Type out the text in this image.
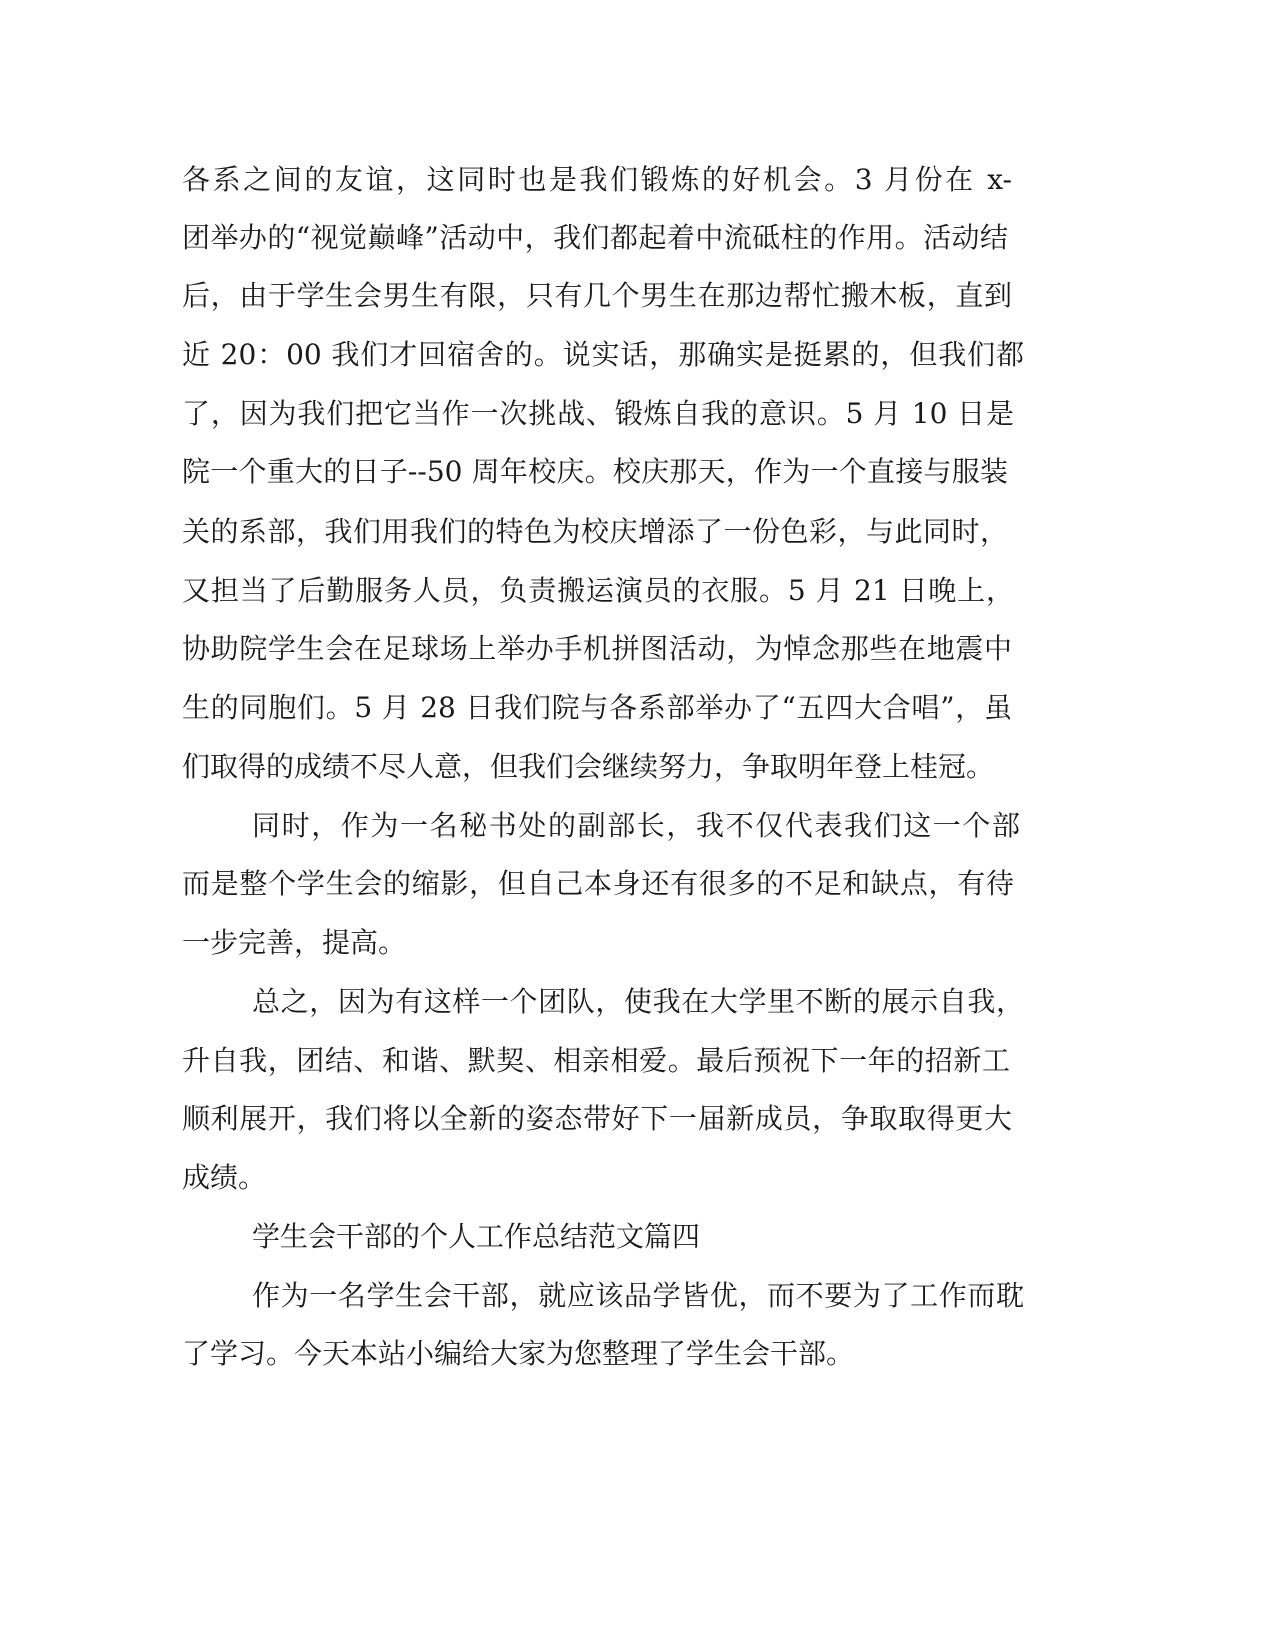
各系之间的友谊，这同时也是我们锻炼的好机会。3 月份在 x-
团举办的“视觉巅峰”活动中，我们都起着中流砥柱的作用。活动结
后，由于学生会男生有限，只有几个男生在那边帮忙搬木板，直到
近 20：00 我们才回宿舍的。说实话，那确实是挺累的，但我们都
了，因为我们把它当作一次挑战、锻炼自我的意识。5 月 10 日是
院一个重大的日子--50 周年校庆。校庆那天，作为一个直接与服装
关的系部，我们用我们的特色为校庆增添了一份色彩，与此同时，
又担当了后勤服务人员，负责搬运演员的衣服。5 月 21 日晚上，
协助院学生会在足球场上举办手机拼图活动，为悼念那些在地震中
生的同胞们。5 月 28 日我们院与各系部举办了“五四大合唱”，虽
们取得的成绩不尽人意，但我们会继续努力，争取明年登上桂冠。
同时，作为一名秘书处的副部长，我不仅代表我们这一个部
而是整个学生会的缩影，但自己本身还有很多的不足和缺点，有待
一步完善，提高。
总之，因为有这样一个团队，使我在大学里不断的展示自我，
升自我，团结、和谐、默契、相亲相爱。最后预祝下一年的招新工
顺利展开，我们将以全新的姿态带好下一届新成员，争取取得更大
成绩。
学生会干部的个人工作总结范文篇四
作为一名学生会干部，就应该品学皆优，而不要为了工作而耽
了学习。今天本站小编给大家为您整理了学生会干部。
